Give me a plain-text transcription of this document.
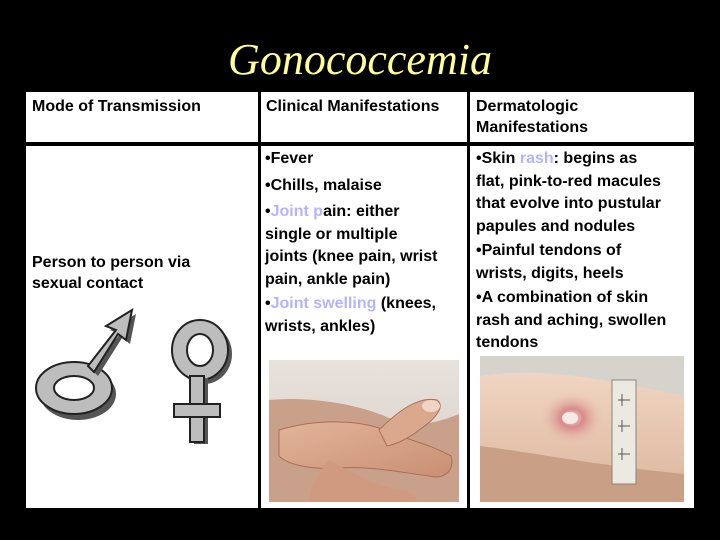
Gonococcemia
Mode of Transmission	Clinical Manifestations	Dermatologic
Manifestations
Person to person via
sexual contact
•Fever
•Chills, malaise
•Joint pain: either
single or multiple
joints (knee pain, wrist
pain, ankle pain)
•Joint swelling (knees,
wrists, ankles)
•Skin rash: begins as
flat, pink-to-red macules
that evolve into pustular
papules and nodules
•Painful tendons of
wrists, digits, heels
•A combination of skin
rash and aching, swollen
tendons
